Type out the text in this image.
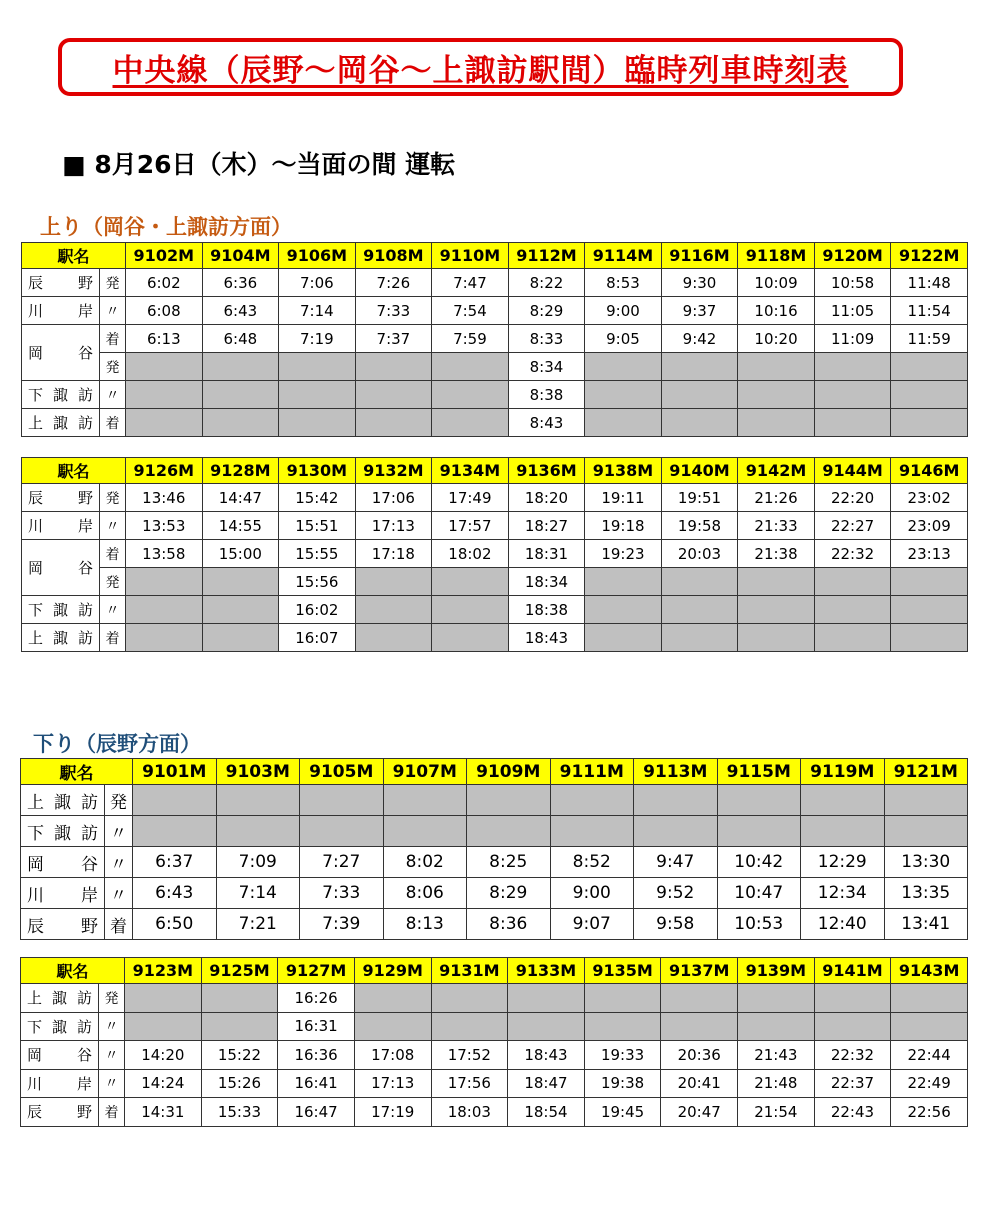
中央線（辰野～岡谷～上諏訪駅間）臨時列車時刻表
■ 8月26日（木）～当面の間 運転
上り（岡谷・上諏訪方面）
下り（辰野方面）
駅名		9102M	9104M	9106M	9108M	9110M	9112M	9114M	9116M	9118M	9120M	9122M
辰野	発	6:02	6:36	7:06	7:26	7:47	8:22	8:53	9:30	10:09	10:58	11:48
川岸	〃	6:08	6:43	7:14	7:33	7:54	8:29	9:00	9:37	10:16	11:05	11:54
岡谷	着	6:13	6:48	7:19	7:37	7:59	8:33	9:05	9:42	10:20	11:09	11:59
	発						8:34					
下諏訪	〃						8:38					
上諏訪	着						8:43					
駅名		9126M	9128M	9130M	9132M	9134M	9136M	9138M	9140M	9142M	9144M	9146M
辰野	発	13:46	14:47	15:42	17:06	17:49	18:20	19:11	19:51	21:26	22:20	23:02
川岸	〃	13:53	14:55	15:51	17:13	17:57	18:27	19:18	19:58	21:33	22:27	23:09
岡谷	着	13:58	15:00	15:55	17:18	18:02	18:31	19:23	20:03	21:38	22:32	23:13
	発			15:56			18:34					
下諏訪	〃			16:02			18:38					
上諏訪	着			16:07			18:43					
駅名		9101M	9103M	9105M	9107M	9109M	9111M	9113M	9115M	9119M	9121M
上諏訪	発										
下諏訪	〃										
岡谷	〃	6:37	7:09	7:27	8:02	8:25	8:52	9:47	10:42	12:29	13:30
川岸	〃	6:43	7:14	7:33	8:06	8:29	9:00	9:52	10:47	12:34	13:35
辰野	着	6:50	7:21	7:39	8:13	8:36	9:07	9:58	10:53	12:40	13:41
駅名		9123M	9125M	9127M	9129M	9131M	9133M	9135M	9137M	9139M	9141M	9143M
上諏訪	発			16:26								
下諏訪	〃			16:31								
岡谷	〃	14:20	15:22	16:36	17:08	17:52	18:43	19:33	20:36	21:43	22:32	22:44
川岸	〃	14:24	15:26	16:41	17:13	17:56	18:47	19:38	20:41	21:48	22:37	22:49
辰野	着	14:31	15:33	16:47	17:19	18:03	18:54	19:45	20:47	21:54	22:43	22:56
